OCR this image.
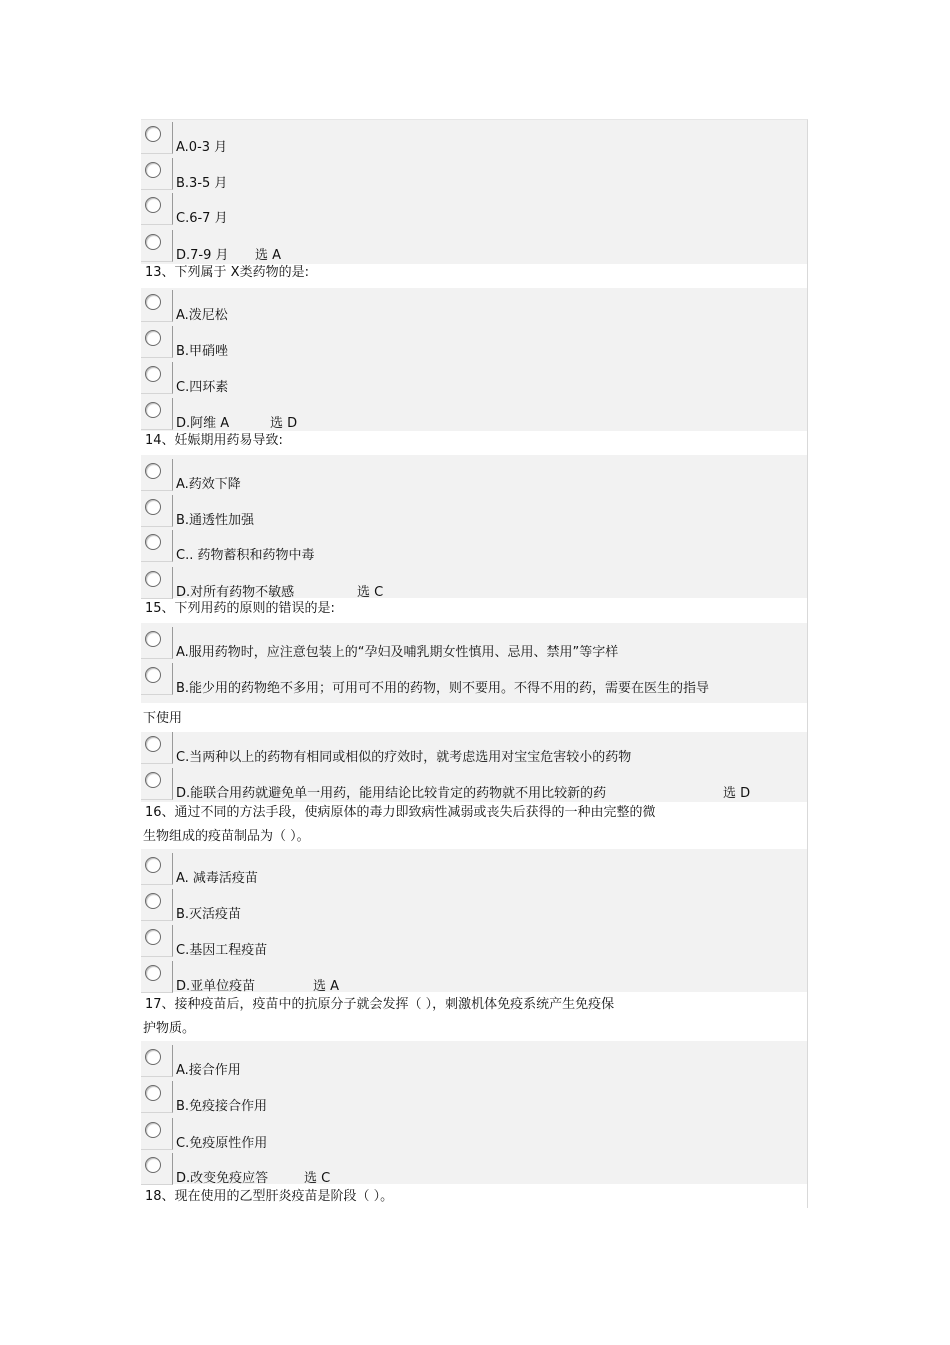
A.0-3 月
B.3-5 月
C.6-7 月
D.7-9 月 选 A
13、下列属于 X类药物的是:
A.泼尼松
B.甲硝唑
C.四环素
D.阿维 A	选 D
14、妊娠期用药易导致:
A.药效下降
B.通透性加强
C.. 药物蓄积和药物中毒
D.对所有药物不敏感	选 C
15、下列用药的原则的错误的是:
A.服用药物时，应注意包装上的“孕妇及哺乳期女性慎用、忌用、禁用”等字样
B.能少用的药物绝不多用；可用可不用的药物，则不要用。不得不用的药，需要在医生的指导
下使用
C.当两种以上的药物有相同或相似的疗效时，就考虑选用对宝宝危害较小的药物
D.能联合用药就避免单一用药，能用结论比较肯定的药物就不用比较新的药	选 D
16、通过不同的方法手段，使病原体的毒力即致病性减弱或丧失后获得的一种由完整的微
生物组成的疫苗制品为（ ）。
A. 减毒活疫苗
B.灭活疫苗
C.基因工程疫苗
D.亚单位疫苗	选 A
17、接种疫苗后，疫苗中的抗原分子就会发挥（ ），刺激机体免疫系统产生免疫保
护物质。
A.接合作用
B.免疫接合作用
C.免疫原性作用
D.改变免疫应答	选 C
18、现在使用的乙型肝炎疫苗是阶段（ ）。
